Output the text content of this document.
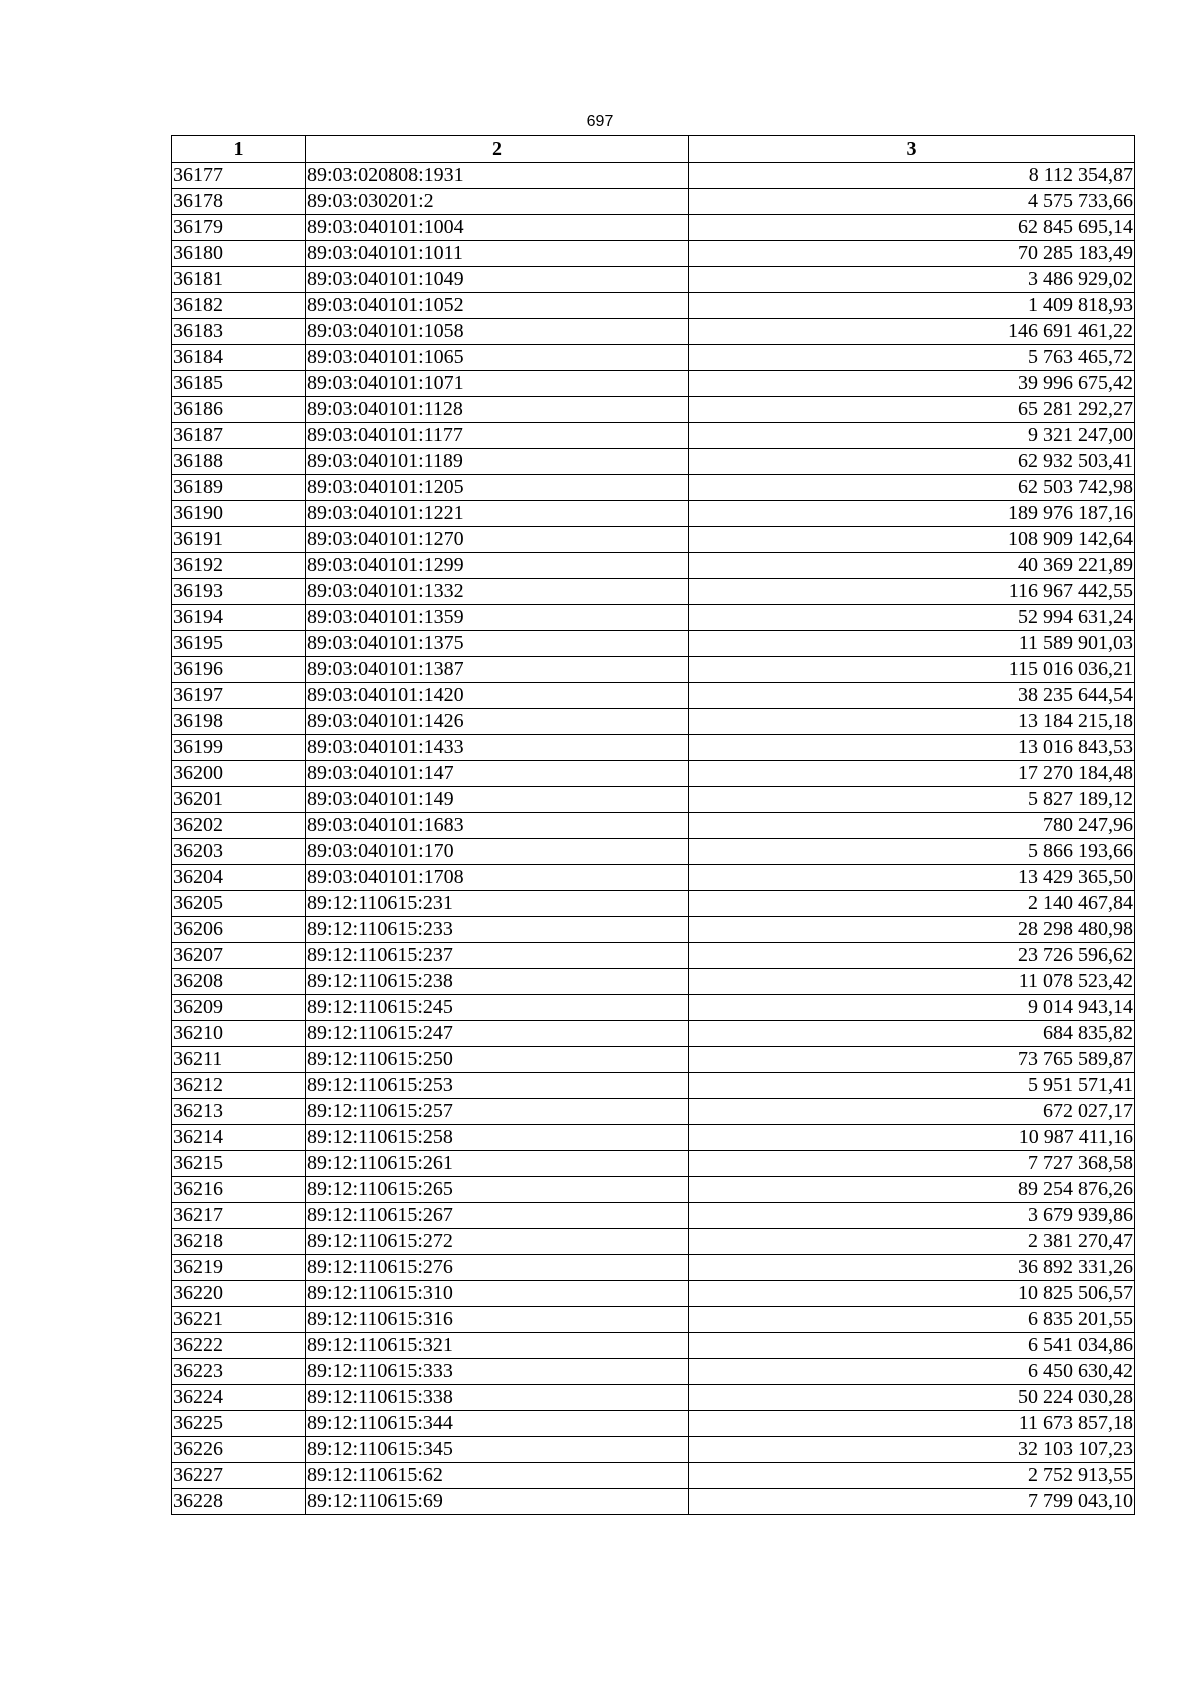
697
1	2	3
36177	89:03:020808:1931	8 112 354,87
36178	89:03:030201:2	4 575 733,66
36179	89:03:040101:1004	62 845 695,14
36180	89:03:040101:1011	70 285 183,49
36181	89:03:040101:1049	3 486 929,02
36182	89:03:040101:1052	1 409 818,93
36183	89:03:040101:1058	146 691 461,22
36184	89:03:040101:1065	5 763 465,72
36185	89:03:040101:1071	39 996 675,42
36186	89:03:040101:1128	65 281 292,27
36187	89:03:040101:1177	9 321 247,00
36188	89:03:040101:1189	62 932 503,41
36189	89:03:040101:1205	62 503 742,98
36190	89:03:040101:1221	189 976 187,16
36191	89:03:040101:1270	108 909 142,64
36192	89:03:040101:1299	40 369 221,89
36193	89:03:040101:1332	116 967 442,55
36194	89:03:040101:1359	52 994 631,24
36195	89:03:040101:1375	11 589 901,03
36196	89:03:040101:1387	115 016 036,21
36197	89:03:040101:1420	38 235 644,54
36198	89:03:040101:1426	13 184 215,18
36199	89:03:040101:1433	13 016 843,53
36200	89:03:040101:147	17 270 184,48
36201	89:03:040101:149	5 827 189,12
36202	89:03:040101:1683	780 247,96
36203	89:03:040101:170	5 866 193,66
36204	89:03:040101:1708	13 429 365,50
36205	89:12:110615:231	2 140 467,84
36206	89:12:110615:233	28 298 480,98
36207	89:12:110615:237	23 726 596,62
36208	89:12:110615:238	11 078 523,42
36209	89:12:110615:245	9 014 943,14
36210	89:12:110615:247	684 835,82
36211	89:12:110615:250	73 765 589,87
36212	89:12:110615:253	5 951 571,41
36213	89:12:110615:257	672 027,17
36214	89:12:110615:258	10 987 411,16
36215	89:12:110615:261	7 727 368,58
36216	89:12:110615:265	89 254 876,26
36217	89:12:110615:267	3 679 939,86
36218	89:12:110615:272	2 381 270,47
36219	89:12:110615:276	36 892 331,26
36220	89:12:110615:310	10 825 506,57
36221	89:12:110615:316	6 835 201,55
36222	89:12:110615:321	6 541 034,86
36223	89:12:110615:333	6 450 630,42
36224	89:12:110615:338	50 224 030,28
36225	89:12:110615:344	11 673 857,18
36226	89:12:110615:345	32 103 107,23
36227	89:12:110615:62	2 752 913,55
36228	89:12:110615:69	7 799 043,10
